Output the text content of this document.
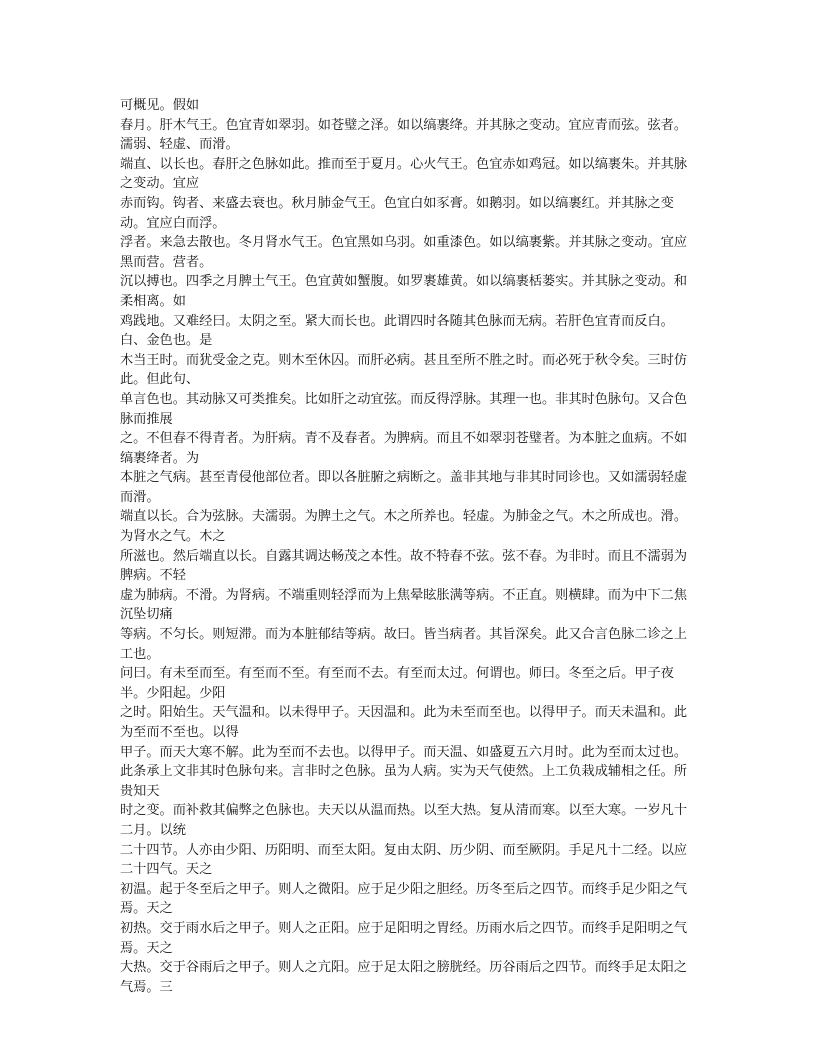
可概见。假如

春月。肝木气王。色宜青如翠羽。如苍璧之泽。如以缟裹绛。并其脉之变动。宜应青而弦。弦者。濡弱、轻虚、而滑。

端直、以长也。春肝之色脉如此。推而至于夏月。心火气王。色宜赤如鸡冠。如以缟裹朱。并其脉之变动。宜应

赤而钩。钩者、来盛去衰也。秋月肺金气王。色宜白如豕膏。如鹅羽。如以缟裹红。并其脉之变动。宜应白而浮。

浮者。来急去散也。冬月肾水气王。色宜黑如乌羽。如重漆色。如以缟裹紫。并其脉之变动。宜应黑而营。营者。

沉以搏也。四季之月脾土气王。色宜黄如蟹腹。如罗裹雄黄。如以缟裹栝蒌实。并其脉之变动。和柔相离。如

鸡践地。又难经曰。太阴之至。紧大而长也。此谓四时各随其色脉而无病。若肝色宜青而反白。白、金色也。是

木当王时。而犹受金之克。则木至休囚。而肝必病。甚且至所不胜之时。而必死于秋令矣。三时仿此。但此句、

单言色也。其动脉又可类推矣。比如肝之动宜弦。而反得浮脉。其理一也。非其时色脉句。又合色脉而推展

之。不但春不得青者。为肝病。青不及春者。为脾病。而且不如翠羽苍璧者。为本脏之血病。不如缟裹绛者。为

本脏之气病。甚至青侵他部位者。即以各脏腑之病断之。盖非其地与非其时同诊也。又如濡弱轻虚而滑。

端直以长。合为弦脉。夫濡弱。为脾土之气。木之所养也。轻虚。为肺金之气。木之所成也。滑。为肾水之气。木之

所滋也。然后端直以长。自露其调达畅茂之本性。故不特春不弦。弦不春。为非时。而且不濡弱为脾病。不轻

虚为肺病。不滑。为肾病。不端重则轻浮而为上焦晕眩胀满等病。不正直。则横肆。而为中下二焦沉坠切痛

等病。不匀长。则短滞。而为本脏郁结等病。故曰。皆当病者。其旨深矣。此又合言色脉二诊之上工也。

问曰。有未至而至。有至而不至。有至而不去。有至而太过。何谓也。师曰。冬至之后。甲子夜半。少阳起。少阳

之时。阳始生。天气温和。以未得甲子。天因温和。此为未至而至也。以得甲子。而天未温和。此为至而不至也。以得

甲子。而天大寒不解。此为至而不去也。以得甲子。而天温、如盛夏五六月时。此为至而太过也。

此条承上文非其时色脉句来。言非时之色脉。虽为人病。实为天气使然。上工负栽成辅相之任。所贵知天

时之变。而补救其偏弊之色脉也。夫天以从温而热。以至大热。复从清而寒。以至大寒。一岁凡十二月。以统

二十四节。人亦由少阳、历阳明、而至太阳。复由太阴、历少阴、而至厥阴。手足凡十二经。以应二十四气。天之

初温。起于冬至后之甲子。则人之微阳。应于足少阳之胆经。历冬至后之四节。而终手足少阳之气焉。天之

初热。交于雨水后之甲子。则人之正阳。应于足阳明之胃经。历雨水后之四节。而终手足阳明之气焉。天之

大热。交于谷雨后之甲子。则人之亢阳。应于足太阳之膀胱经。历谷雨后之四节。而终手足太阳之气焉。三
